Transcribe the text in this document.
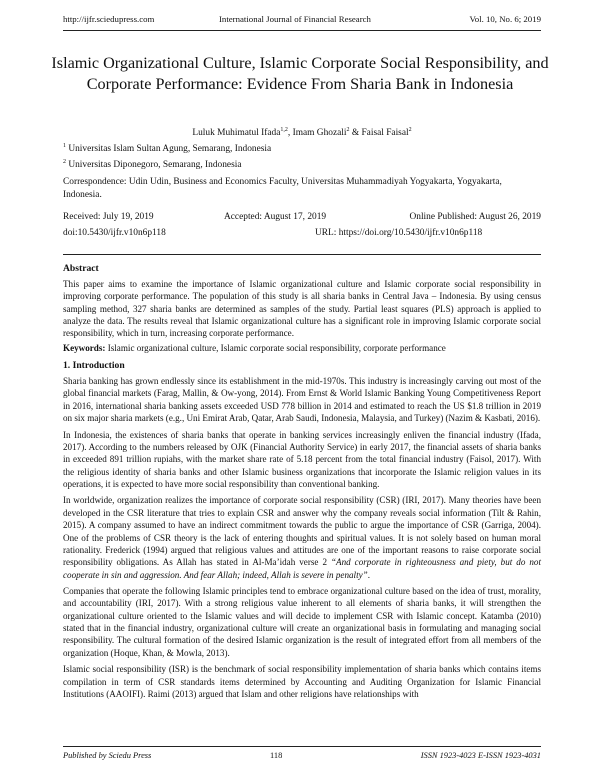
http://ijfr.sciedupress.com	International Journal of Financial Research	Vol. 10, No. 6; 2019
Islamic Organizational Culture, Islamic Corporate Social Responsibility, and Corporate Performance: Evidence From Sharia Bank in Indonesia
Luluk Muhimatul Ifada$^{1,2}$, Imam Ghozali$^2$ & Faisal Faisal$^2$
$^1$ Universitas Islam Sultan Agung, Semarang, Indonesia
$^2$ Universitas Diponegoro, Semarang, Indonesia
Correspondence: Udin Udin, Business and Economics Faculty, Universitas Muhammadiyah Yogyakarta, Yogyakarta, Indonesia.
Received: July 19, 2019	Accepted: August 17, 2019	Online Published: August 26, 2019
doi:10.5430/ijfr.v10n6p118	URL: https://doi.org/10.5430/ijfr.v10n6p118
Abstract
This paper aims to examine the importance of Islamic organizational culture and Islamic corporate social responsibility in improving corporate performance. The population of this study is all sharia banks in Central Java – Indonesia. By using census sampling method, 327 sharia banks are determined as samples of the study. Partial least squares (PLS) approach is applied to analyze the data. The results reveal that Islamic organizational culture has a significant role in improving Islamic corporate social responsibility, which in turn, increasing corporate performance.
Keywords: Islamic organizational culture, Islamic corporate social responsibility, corporate performance
1. Introduction

Sharia banking has grown endlessly since its establishment in the mid-1970s. This industry is increasingly carving out most of the global financial markets (Farag, Mallin, & Ow-yong, 2014). From Ernst & World Islamic Banking Young Competitiveness Report in 2016, international sharia banking assets exceeded USD 778 billion in 2014 and estimated to reach the US $1.8 trillion in 2019 on six major sharia markets (e.g., Uni Emirat Arab, Qatar, Arab Saudi, Indonesia, Malaysia, and Turkey) (Nazim & Kasbati, 2016).

In Indonesia, the existences of sharia banks that operate in banking services increasingly enliven the financial industry (Ifada, 2017). According to the numbers released by OJK (Financial Authority Service) in early 2017, the financial assets of sharia banks in exceeded 891 trillion rupiahs, with the market share rate of 5.18 percent from the total financial industry (Faisol, 2017). With the religious identity of sharia banks and other Islamic business organizations that incorporate the Islamic religion values in its operations, it is expected to have more social responsibility than conventional banking.

In worldwide, organization realizes the importance of corporate social responsibility (CSR) (IRI, 2017). Many theories have been developed in the CSR literature that tries to explain CSR and answer why the company reveals social information (Tilt & Rahin, 2015). A company assumed to have an indirect commitment towards the public to argue the importance of CSR (Garriga, 2004). One of the problems of CSR theory is the lack of entering thoughts and spiritual values. It is not solely based on human moral rationality. Frederick (1994) argued that religious values and attitudes are one of the important reasons to raise corporate social responsibility obligations. As Allah has stated in Al-Ma’idah verse 2 “And corporate in righteousness and piety, but do not cooperate in sin and aggression. And fear Allah; indeed, Allah is severe in penalty”.

Companies that operate the following Islamic principles tend to embrace organizational culture based on the idea of trust, morality, and accountability (IRI, 2017). With a strong religious value inherent to all elements of sharia banks, it will strengthen the organizational culture oriented to the Islamic values and will decide to implement CSR with Islamic concept. Katamba (2010) stated that in the financial industry, organizational culture will create an organizational basis in formulating and managing social responsibility. The cultural formation of the desired Islamic organization is the result of integrated effort from all members of the organization (Hoque, Khan, & Mowla, 2013).

Islamic social responsibility (ISR) is the benchmark of social responsibility implementation of sharia banks which contains items compilation in term of CSR standards items determined by Accounting and Auditing Organization for Islamic Financial Institutions (AAOIFI). Raimi (2013) argued that Islam and other religions have relationships with

Published by Sciedu Press	118	ISSN 1923-4023 E-ISSN 1923-4031
